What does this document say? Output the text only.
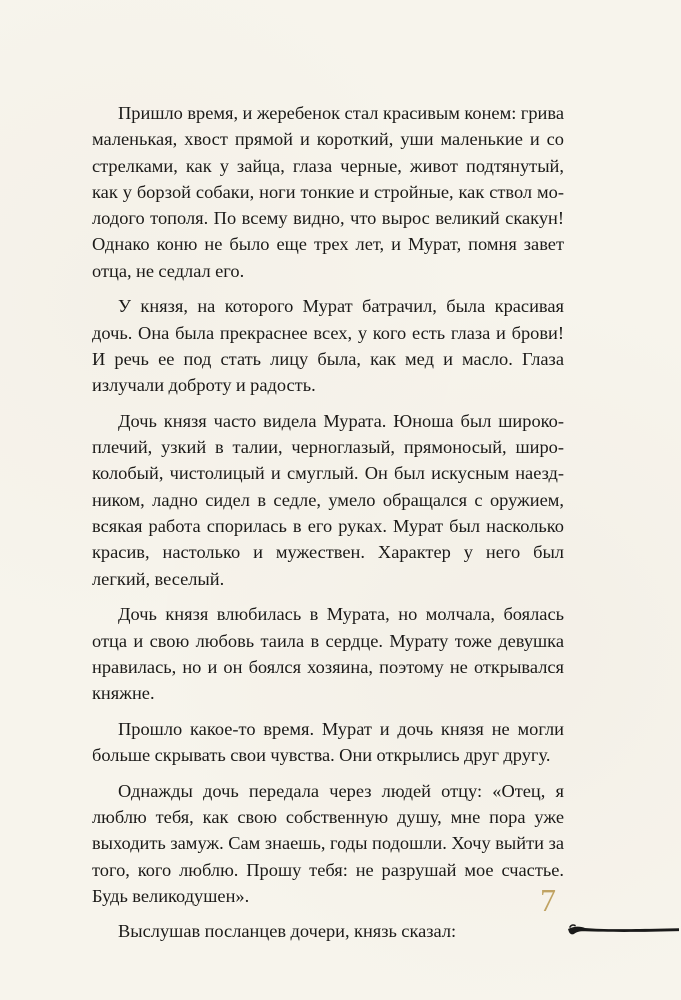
Пришло время, и жеребенок стал красивым конем: грива маленькая, хвост прямой и короткий, уши маленькие и со стрелками, как у зайца, глаза черные, живот подтянутый, как у борзой собаки, ноги тонкие и стройные, как ствол молодого тополя. По всему видно, что вырос великий скакун! Однако коню не было еще трех лет, и Мурат, помня завет отца, не седлал его.

У князя, на которого Мурат батрачил, была красивая дочь. Она была прекраснее всех, у кого есть глаза и брови! И речь ее под стать лицу была, как мед и масло. Глаза излучали доброту и радость.

Дочь князя часто видела Мурата. Юноша был широкоплечий, узкий в талии, черноглазый, прямоносый, широколобый, чистолицый и смуглый. Он был искусным наездником, ладно сидел в седле, умело обращался с оружием, всякая работа спорилась в его руках. Мурат был насколько красив, настолько и мужествен. Характер у него был легкий, веселый.

Дочь князя влюбилась в Мурата, но молчала, боялась отца и свою любовь таила в сердце. Мурату тоже девушка нравилась, но и он боялся хозяина, поэтому не открывался княжне.

Прошло какое-то время. Мурат и дочь князя не могли больше скрывать свои чувства. Они открылись друг другу.

Однажды дочь передала через людей отцу: «Отец, я люблю тебя, как свою собственную душу, мне пора уже выходить замуж. Сам знаешь, годы подошли. Хочу выйти за того, кого люблю. Прошу тебя: не разрушай мое счастье. Будь великодушен».

Выслушав посланцев дочери, князь сказал:

7
